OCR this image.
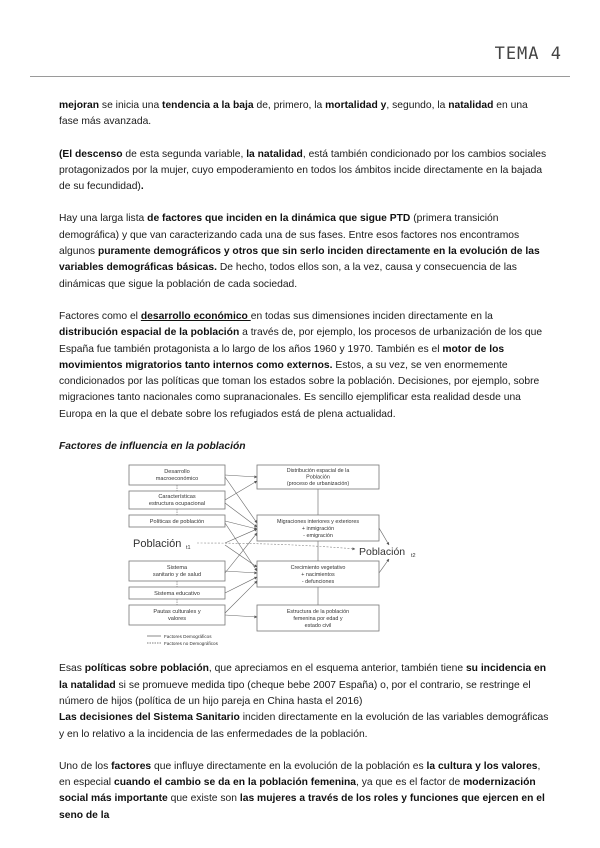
TEMA 4

mejoran se inicia una tendencia a la baja de, primero, la mortalidad y, segundo, la natalidad en una fase más avanzada.

(El descenso de esta segunda variable, la natalidad, está también condicionado por los cambios sociales protagonizados por la mujer, cuyo empoderamiento en todos los ámbitos incide directamente en la bajada de su fecundidad).

Hay una larga lista de factores que inciden en la dinámica que sigue PTD (primera transición demográfica) y que van caracterizando cada una de sus fases. Entre esos factores nos encontramos algunos puramente demográficos y otros que sin serlo inciden directamente en la evolución de las variables demográficas básicas. De hecho, todos ellos son, a la vez, causa y consecuencia de las dinámicas que sigue la población de cada sociedad.

Factores como el desarrollo económico en todas sus dimensiones inciden directamente en la distribución espacial de la población a través de, por ejemplo, los procesos de urbanización de los que España fue también protagonista a lo largo de los años 1960 y 1970. También es el motor de los movimientos migratorios tanto internos como externos. Estos, a su vez, se ven enormemente condicionados por las políticas que toman los estados sobre la población. Decisiones, por ejemplo, sobre migraciones tanto nacionales como supranacionales. Es sencillo ejemplificar esta realidad desde una Europa en la que el debate sobre los refugiados está de plena actualidad.

Factores de influencia en la población
Desarrollo
macroeconómico
Características
estructura ocupacional
Políticas de población
Población t1
Sistema
sanitario y de salud
Sistema educativo
Pautas culturales y
valores
Distribución espacial de la
Población
(proceso de urbanización)
Migraciones interiores y exteriores
+ inmigración
- emigración
Crecimiento vegetativo
+ nacimientos
- defunciones
Estructura de la población
femenina por edad y
estado civil
Población t2
Factores Demográficos
Factores no Demográficos

Esas políticas sobre población, que apreciamos en el esquema anterior, también tiene su incidencia en la natalidad si se promueve medida tipo (cheque bebe 2007 España) o, por el contrario, se restringe el número de hijos (política de un hijo pareja en China hasta el 2016)

Las decisiones del Sistema Sanitario inciden directamente en la evolución de las variables demográficas y en lo relativo a la incidencia de las enfermedades de la población.

Uno de los factores que influye directamente en la evolución de la población es la cultura y los valores, en especial cuando el cambio se da en la población femenina, ya que es el factor de modernización social más importante que existe son las mujeres a través de los roles y funciones que ejercen en el seno de la
